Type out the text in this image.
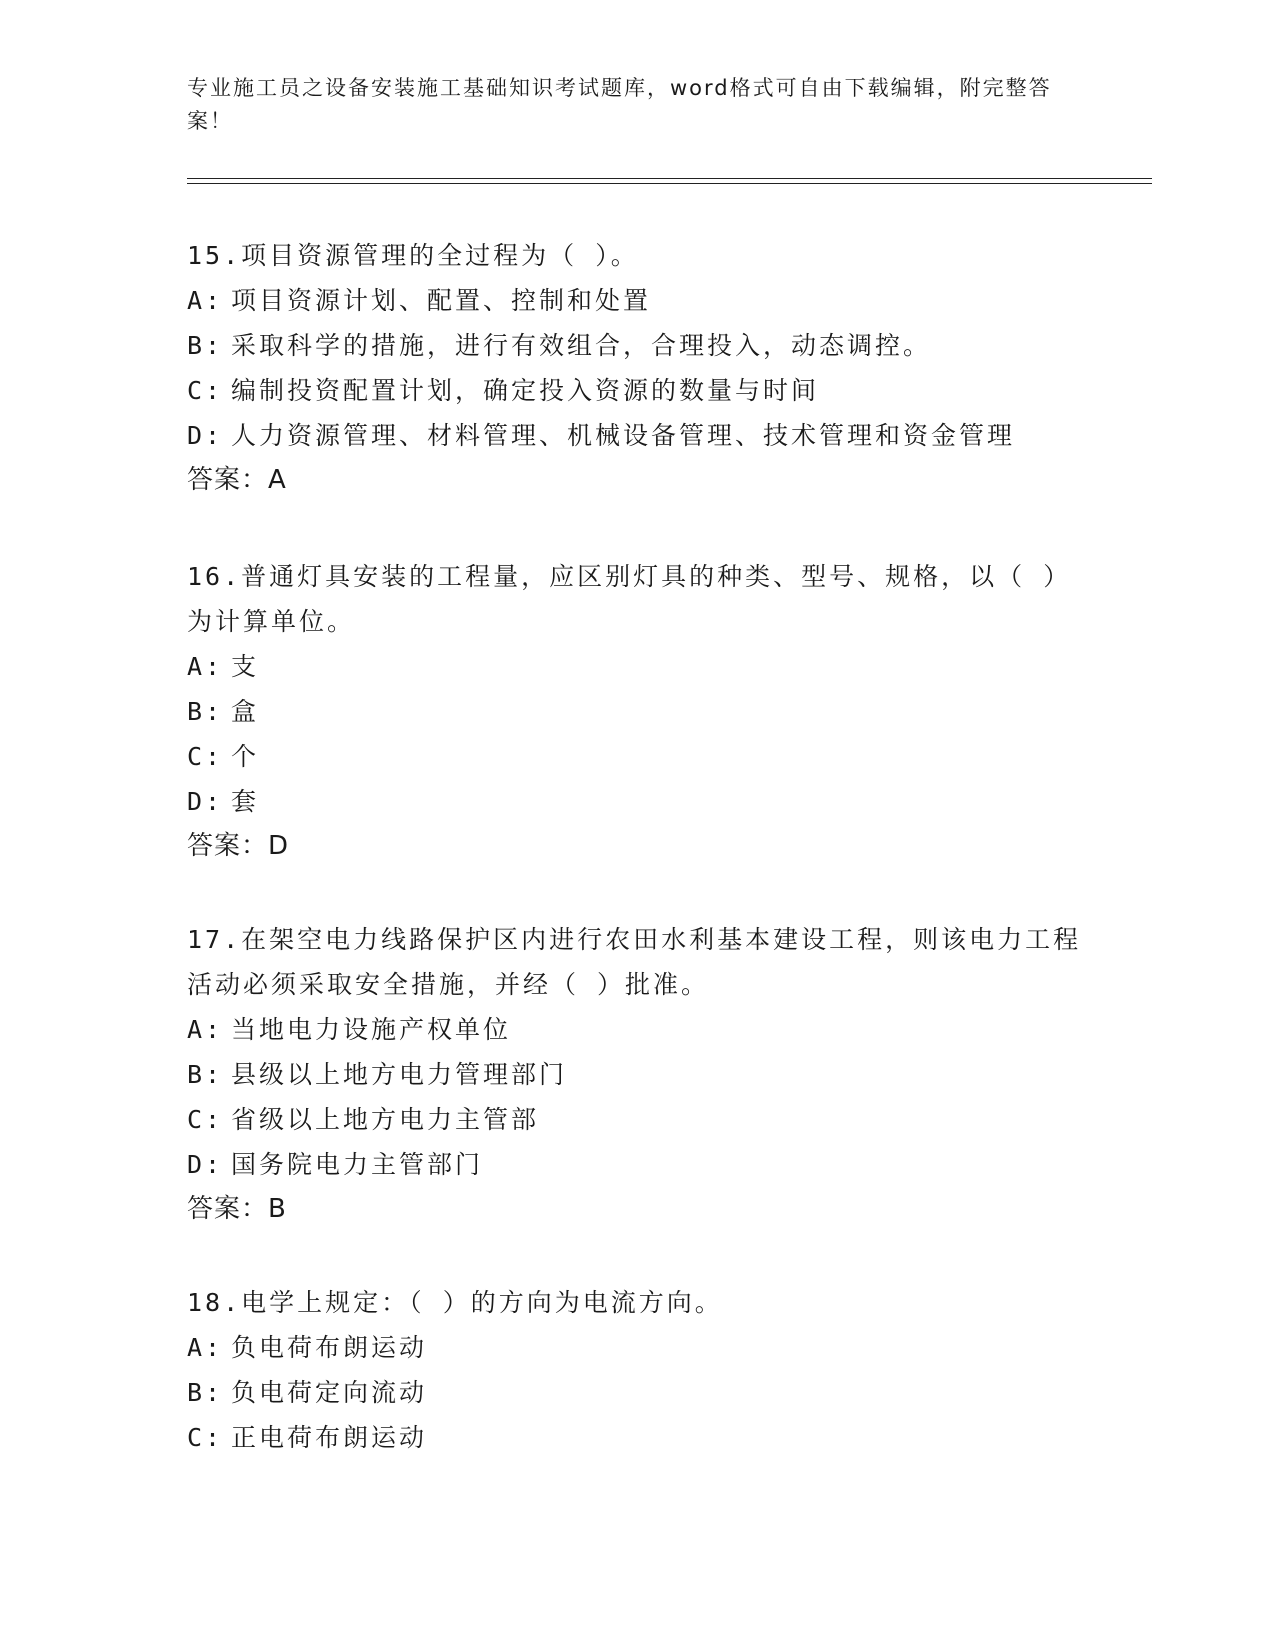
专业施工员之设备安装施工基础知识考试题库，word格式可自由下载编辑，附完整答案！
15.项目资源管理的全过程为（ ）。
A: 项目资源计划、配置、控制和处置
B: 采取科学的措施，进行有效组合，合理投入，动态调控。
C: 编制投资配置计划，确定投入资源的数量与时间
D: 人力资源管理、材料管理、机械设备管理、技术管理和资金管理
答案：A
16.普通灯具安装的工程量，应区别灯具的种类、型号、规格，以（ ）为计算单位。
A: 支
B: 盒
C: 个
D: 套
答案：D
17.在架空电力线路保护区内进行农田水利基本建设工程，则该电力工程活动必须采取安全措施，并经（ ）批准。
A: 当地电力设施产权单位
B: 县级以上地方电力管理部门
C: 省级以上地方电力主管部
D: 国务院电力主管部门
答案：B
18.电学上规定：（ ）的方向为电流方向。
A: 负电荷布朗运动
B: 负电荷定向流动
C: 正电荷布朗运动
